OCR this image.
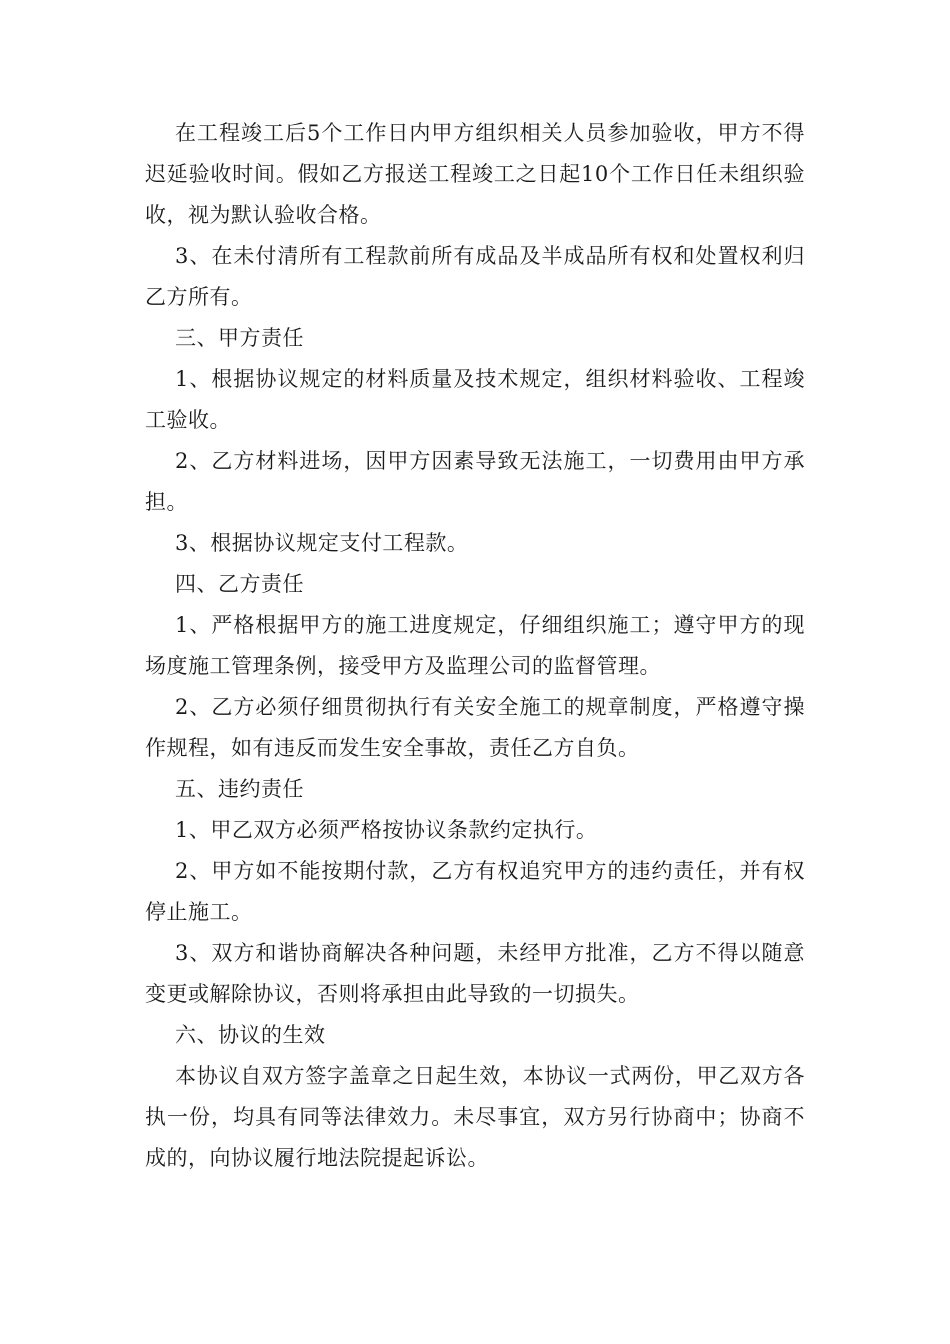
在工程竣工后5个工作日内甲方组织相关人员参加验收，甲方不得迟延验收时间。假如乙方报送工程竣工之日起10个工作日任未组织验收，视为默认验收合格。

3、在未付清所有工程款前所有成品及半成品所有权和处置权利归乙方所有。

三、甲方责任

1、根据协议规定的材料质量及技术规定，组织材料验收、工程竣工验收。

2、乙方材料进场，因甲方因素导致无法施工，一切费用由甲方承担。

3、根据协议规定支付工程款。

四、乙方责任

1、严格根据甲方的施工进度规定，仔细组织施工；遵守甲方的现场度施工管理条例，接受甲方及监理公司的监督管理。

2、乙方必须仔细贯彻执行有关安全施工的规章制度，严格遵守操作规程，如有违反而发生安全事故，责任乙方自负。

五、违约责任

1、甲乙双方必须严格按协议条款约定执行。

2、甲方如不能按期付款，乙方有权追究甲方的违约责任，并有权停止施工。

3、双方和谐协商解决各种问题，未经甲方批准，乙方不得以随意变更或解除协议，否则将承担由此导致的一切损失。

六、协议的生效

本协议自双方签字盖章之日起生效，本协议一式两份，甲乙双方各执一份，均具有同等法律效力。未尽事宜，双方另行协商中；协商不成的，向协议履行地法院提起诉讼。
